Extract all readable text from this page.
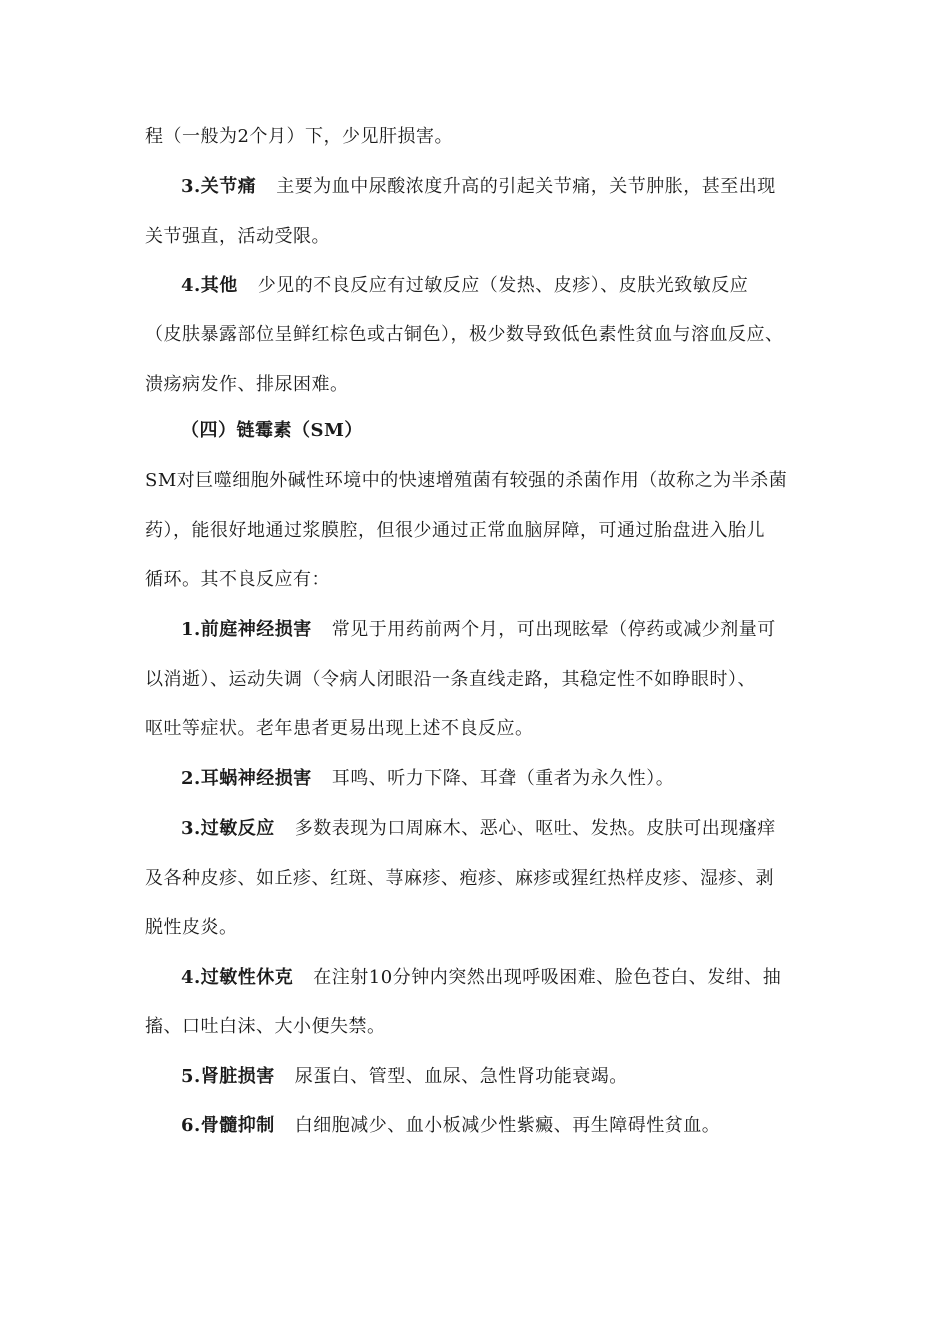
程（一般为2个月）下，少见肝损害。
3.关节痛 主要为血中尿酸浓度升高的引起关节痛，关节肿胀，甚至出现
关节强直，活动受限。
4.其他 少见的不良反应有过敏反应（发热、皮疹）、皮肤光致敏反应
（皮肤暴露部位呈鲜红棕色或古铜色），极少数导致低色素性贫血与溶血反应、
溃疡病发作、排尿困难。
（四）链霉素（SM）
SM对巨噬细胞外碱性环境中的快速增殖菌有较强的杀菌作用（故称之为半杀菌
药），能很好地通过浆膜腔，但很少通过正常血脑屏障，可通过胎盘进入胎儿
循环。其不良反应有：
1.前庭神经损害 常见于用药前两个月，可出现眩晕（停药或减少剂量可
以消逝）、运动失调（令病人闭眼沿一条直线走路，其稳定性不如睁眼时）、
呕吐等症状。老年患者更易出现上述不良反应。
2.耳蜗神经损害 耳鸣、听力下降、耳聋（重者为永久性）。
3.过敏反应 多数表现为口周麻木、恶心、呕吐、发热。皮肤可出现瘙痒
及各种皮疹、如丘疹、红斑、荨麻疹、疱疹、麻疹或猩红热样皮疹、湿疹、剥
脱性皮炎。
4.过敏性休克 在注射10分钟内突然出现呼吸困难、脸色苍白、发绀、抽
搐、口吐白沫、大小便失禁。
5.肾脏损害 尿蛋白、管型、血尿、急性肾功能衰竭。
6.骨髓抑制 白细胞减少、血小板减少性紫癜、再生障碍性贫血。
